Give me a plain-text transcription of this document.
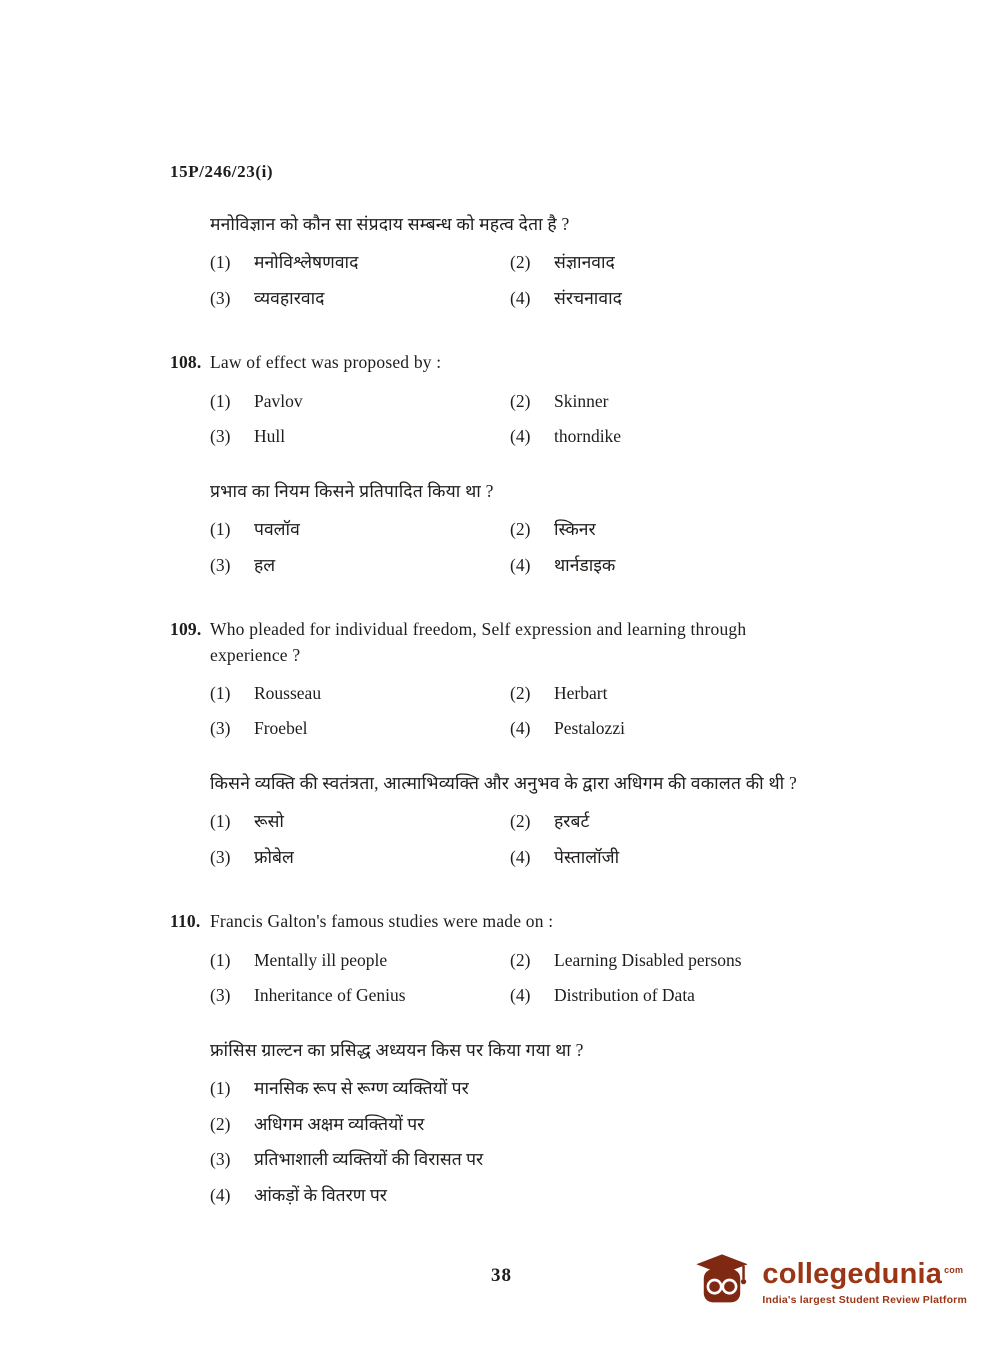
15P/246/23(i)
मनोविज्ञान को कौन सा संप्रदाय सम्बन्ध को महत्व देता है ?
(1)	मनोविश्लेषणवाद	(2)	संज्ञानवाद
(3)	व्यवहारवाद	(4)	संरचनावाद
108. Law of effect was proposed by :
(1)	Pavlov	(2)	Skinner
(3)	Hull	(4)	thorndike
प्रभाव का नियम किसने प्रतिपादित किया था ?
(1)	पवलॉव	(2)	स्किनर
(3)	हल	(4)	थार्नडाइक
109. Who pleaded for individual freedom, Self expression and learning through experience ?
(1)	Rousseau	(2)	Herbart
(3)	Froebel	(4)	Pestalozzi
किसने व्यक्ति की स्वतंत्रता, आत्माभिव्यक्ति और अनुभव के द्वारा अधिगम की वकालत की थी ?
(1)	रूसो	(2)	हरबर्ट
(3)	फ्रोबेल	(4)	पेस्तालॉजी
110. Francis Galton's famous studies were made on :
(1)	Mentally ill people	(2)	Learning Disabled persons
(3)	Inheritance of Genius	(4)	Distribution of Data
फ्रांसिस ग्राल्टन का प्रसिद्ध अध्ययन किस पर किया गया था ?
(1)	मानसिक रूप से रूग्ण व्यक्तियों पर
(2)	अधिगम अक्षम व्यक्तियों पर
(3)	प्रतिभाशाली व्यक्तियों की विरासत पर
(4)	आंकड़ों के वितरण पर
38	collegedunia $^{com}$
India's largest Student Review Platform
